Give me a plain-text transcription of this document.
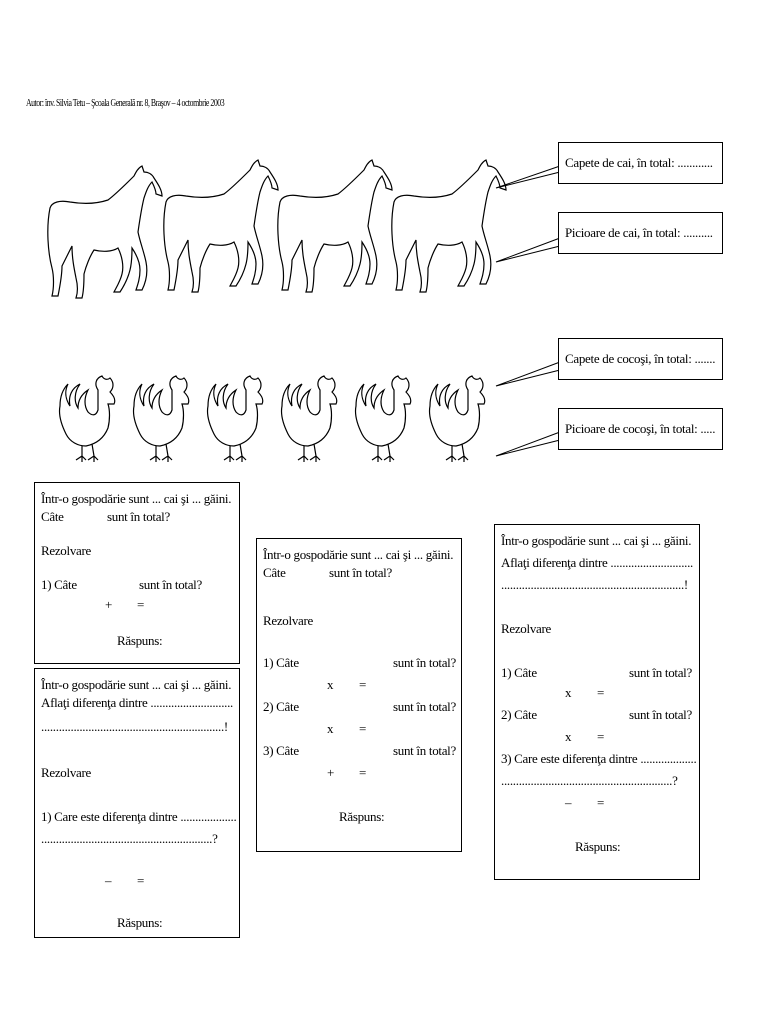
Autor: înv. Silvia Tetu – Şcoala Generală nr. 8, Braşov – 4 octombrie 2003
Capete de cai, în total: ............
Picioare de cai, în total: ..........
Capete de cocoşi, în total: .......
Picioare de cocoşi, în total: .....
Într-o gospodărie sunt ... cai şi ... găini.
Câte	sunt în total?
Rezolvare
1) Câte	sunt în total?
+ =
Răspuns:
Într-o gospodărie sunt ... cai şi ... găini.
Aflaţi diferenţa dintre ............................
..............................................................!
Rezolvare
1) Care este diferenţa dintre ...................
..........................................................?
– =
Răspuns:
Într-o gospodărie sunt ... cai şi ... găini.
Câte	sunt în total?
Rezolvare
1) Câte	sunt în total?
x =
2) Câte	sunt în total?
x =
3) Câte	sunt în total?
+ =
Răspuns:
Într-o gospodărie sunt ... cai şi ... găini.
Aflaţi diferenţa dintre ............................
..............................................................!
Rezolvare
1) Câte	sunt în total?
x =
2) Câte	sunt în total?
x =
3) Care este diferenţa dintre ...................
..........................................................?
– =
Răspuns:
